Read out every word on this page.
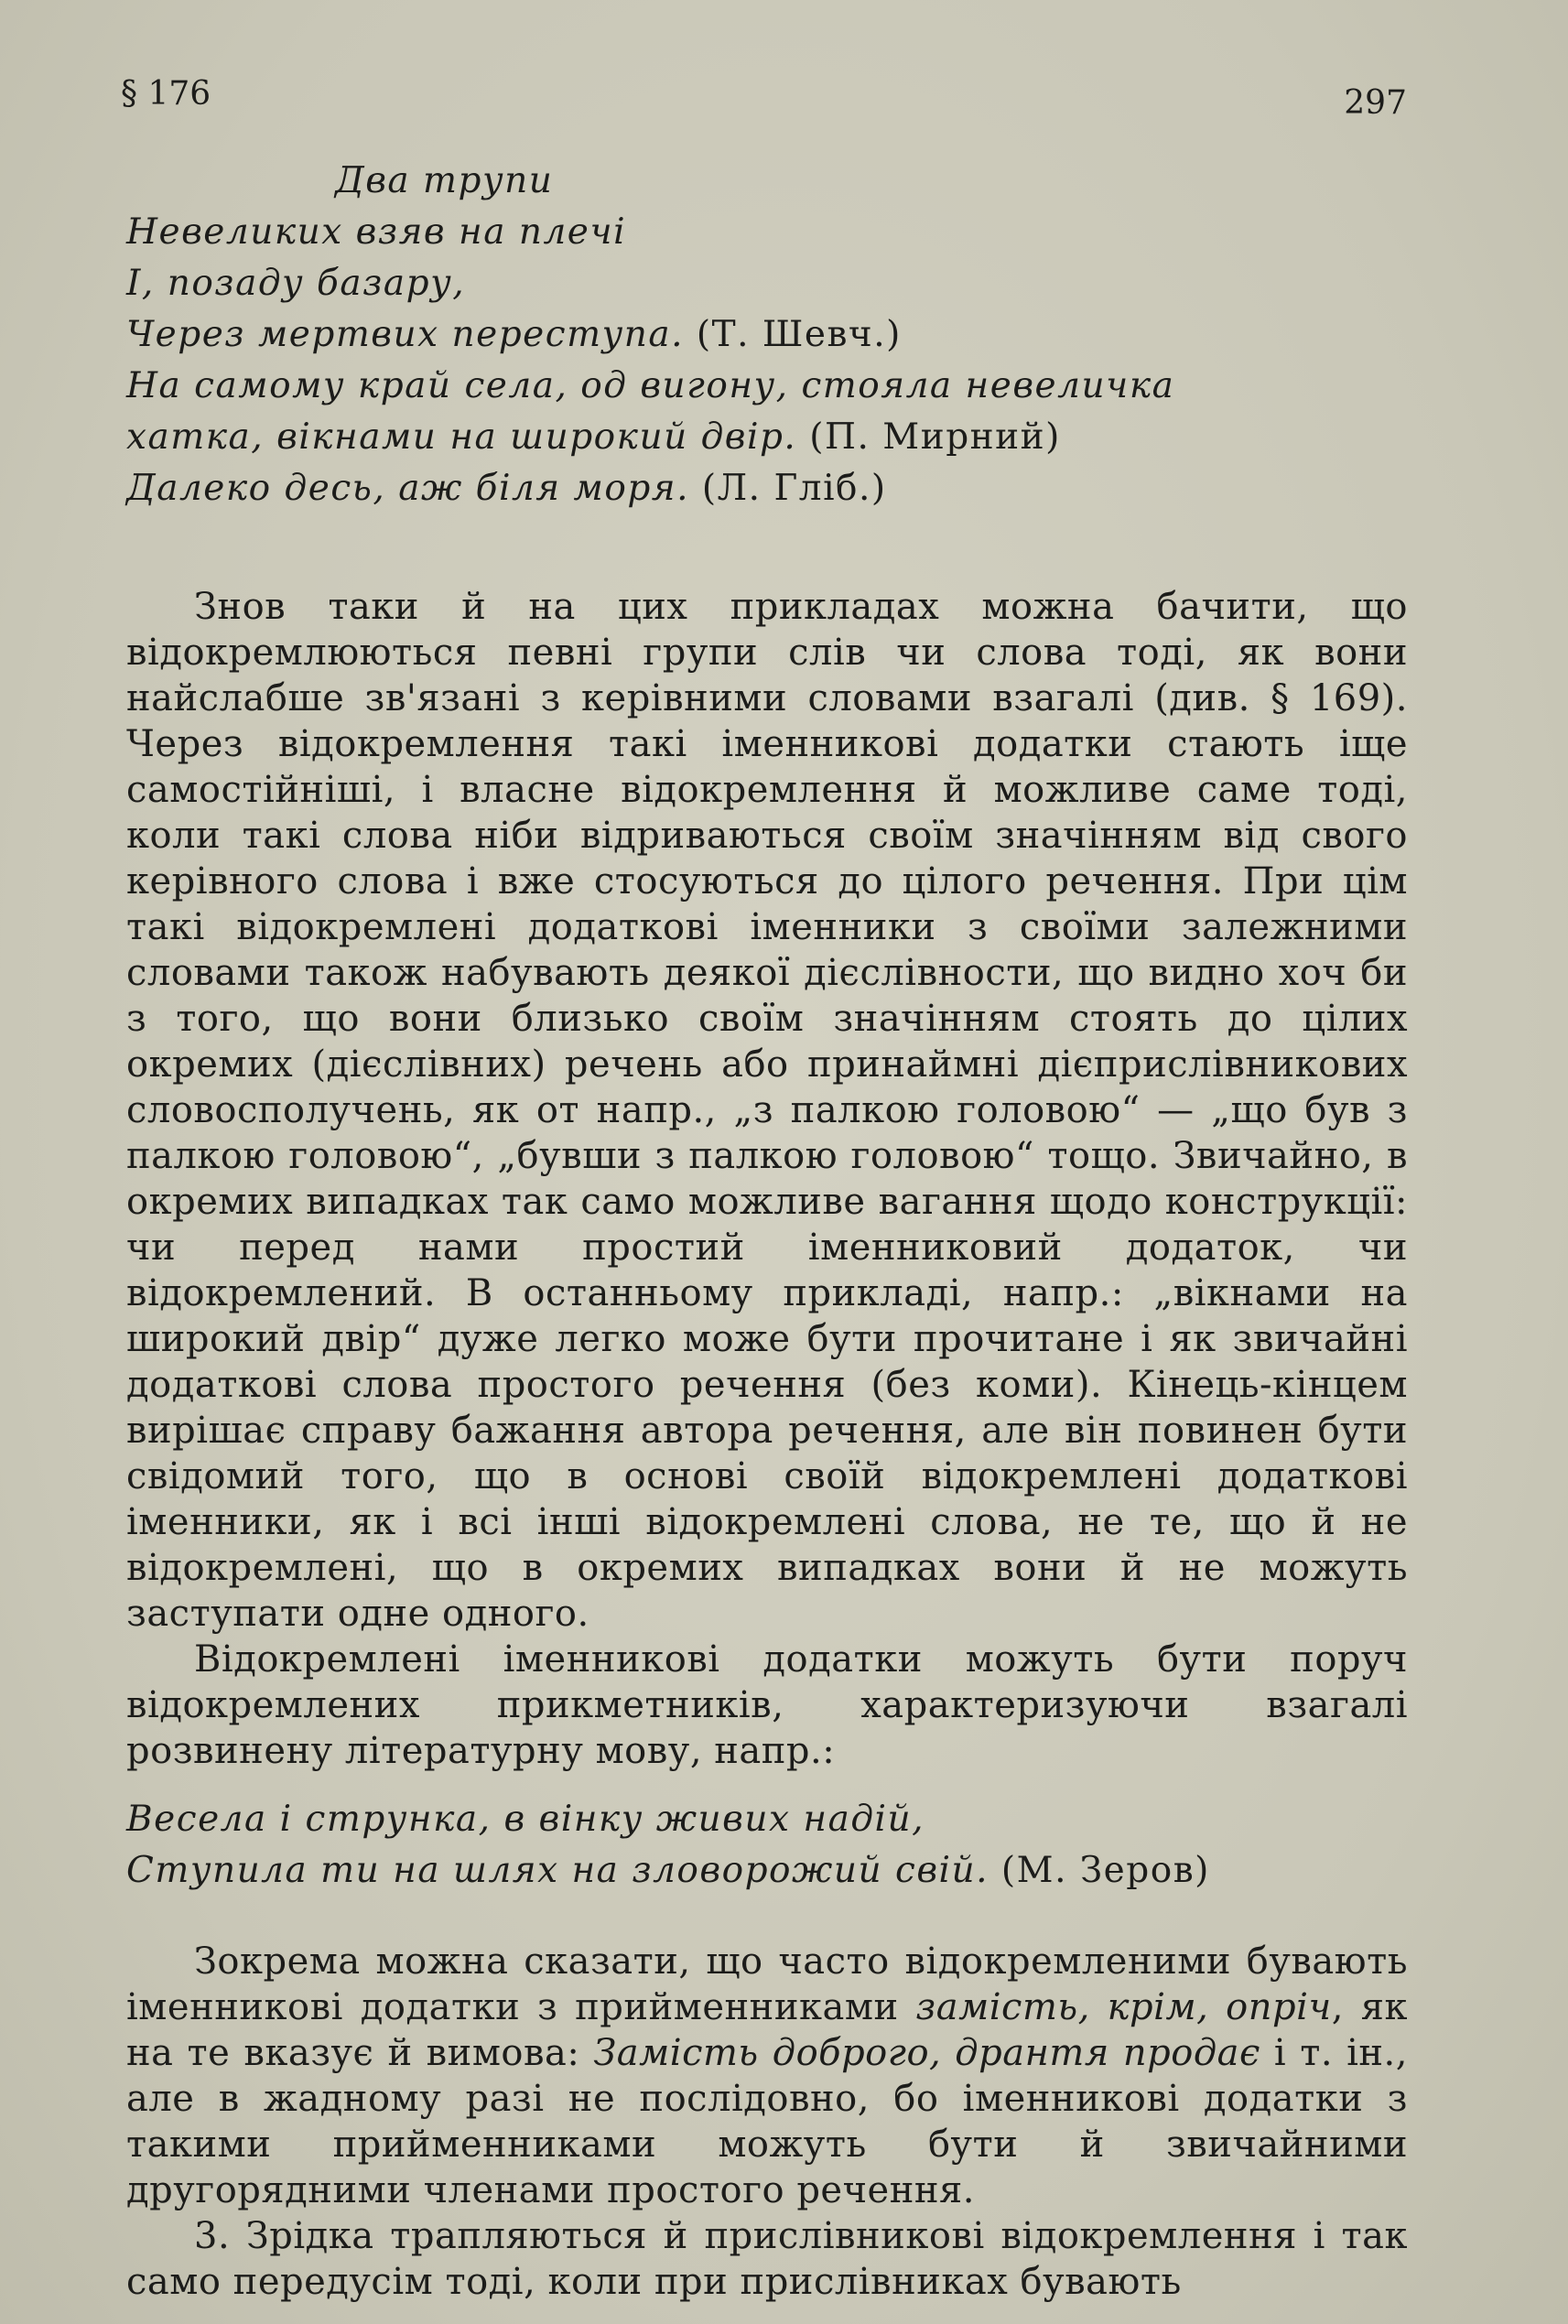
§ 176	297
Два трупи
Невеликих взяв на плечі
І, позаду базару,
Через мертвих переступа. (Т. Шевч.)
На самому край села, од вигону, стояла невеличка
хатка, вікнами на широкий двір. (П. Мирний)
Далеко десь, аж біля моря. (Л. Гліб.)

Знов таки й на цих прикладах можна бачити, що відокремлюються певні групи слів чи слова тоді, як вони найслабше зв'язані з керівними словами взагалі (див. § 169). Через відокремлення такі іменникові додатки стають іще самостійніші, і власне відокремлення й можливе саме тоді, коли такі слова ніби відриваються своїм значінням від свого керівного слова і вже стосуються до цілого речення. При цім такі відокремлені додаткові іменники з своїми залежними словами також набувають деякої дієслівности, що видно хоч би з того, що вони близько своїм значінням стоять до цілих окремих (дієслівних) речень або принаймні дієприслівникових словосполучень, як от напр., „з палкою головою“ — „що був з палкою головою“, „бувши з палкою головою“ тощо. Звичайно, в окремих випадках так само можливе вагання щодо конструкції: чи перед нами простий іменниковий додаток, чи відокремлений. В останньому прикладі, напр.: „вікнами на широкий двір“ дуже легко може бути прочитане і як звичайні додаткові слова простого речення (без коми). Кінець-кінцем вирішає справу бажання автора речення, але він повинен бути свідомий того, що в основі своїй відокремлені додаткові іменники, як і всі інші відокремлені слова, не те, що й не відокремлені, що в окремих випадках вони й не можуть заступати одне одного.

Відокремлені іменникові додатки можуть бути поруч відокремлених прикметників, характеризуючи взагалі розвинену літературну мову, напр.:

Весела і струнка, в вінку живих надій,
Ступила ти на шлях на зловорожий свій. (М. Зеров)

Зокрема можна сказати, що часто відокремленими бувають іменникові додатки з прийменниками замість, крім, опріч, як на те вказує й вимова: Замість доброго, дрантя продає і т. ін., але в жадному разі не послідовно, бо іменникові додатки з такими прийменниками можуть бути й звичайними другорядними членами простого речення.

3. Зрідка трапляються й прислівникові відокремлення і так само передусім тоді, коли при прислівниках бувають
